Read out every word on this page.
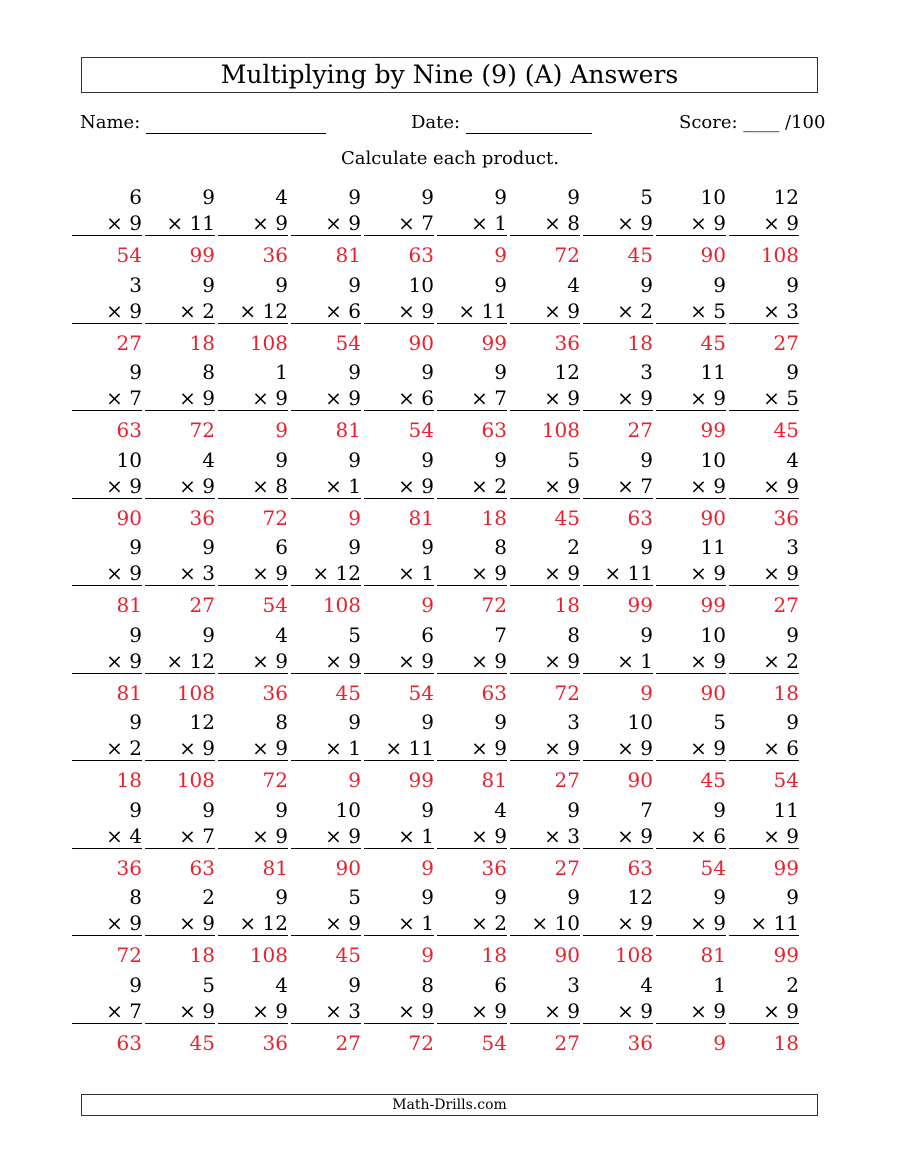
Multiplying by Nine (9) (A) Answers
Name:	Date:	Score: ____ /100
Calculate each product.
6
× 9
54
9
× 11
99
4
× 9
36
9
× 9
81
9
× 7
63
9
× 1
9
9
× 8
72
5
× 9
45
10
× 9
90
12
× 9
108
3
× 9
27
9
× 2
18
9
× 12
108
9
× 6
54
10
× 9
90
9
× 11
99
4
× 9
36
9
× 2
18
9
× 5
45
9
× 3
27
9
× 7
63
8
× 9
72
1
× 9
9
9
× 9
81
9
× 6
54
9
× 7
63
12
× 9
108
3
× 9
27
11
× 9
99
9
× 5
45
10
× 9
90
4
× 9
36
9
× 8
72
9
× 1
9
9
× 9
81
9
× 2
18
5
× 9
45
9
× 7
63
10
× 9
90
4
× 9
36
9
× 9
81
9
× 3
27
6
× 9
54
9
× 12
108
9
× 1
9
8
× 9
72
2
× 9
18
9
× 11
99
11
× 9
99
3
× 9
27
9
× 9
81
9
× 12
108
4
× 9
36
5
× 9
45
6
× 9
54
7
× 9
63
8
× 9
72
9
× 1
9
10
× 9
90
9
× 2
18
9
× 2
18
12
× 9
108
8
× 9
72
9
× 1
9
9
× 11
99
9
× 9
81
3
× 9
27
10
× 9
90
5
× 9
45
9
× 6
54
9
× 4
36
9
× 7
63
9
× 9
81
10
× 9
90
9
× 1
9
4
× 9
36
9
× 3
27
7
× 9
63
9
× 6
54
11
× 9
99
8
× 9
72
2
× 9
18
9
× 12
108
5
× 9
45
9
× 1
9
9
× 2
18
9
× 10
90
12
× 9
108
9
× 9
81
9
× 11
99
9
× 7
63
5
× 9
45
4
× 9
36
9
× 3
27
8
× 9
72
6
× 9
54
3
× 9
27
4
× 9
36
1
× 9
9
2
× 9
18
Math-Drills.com
